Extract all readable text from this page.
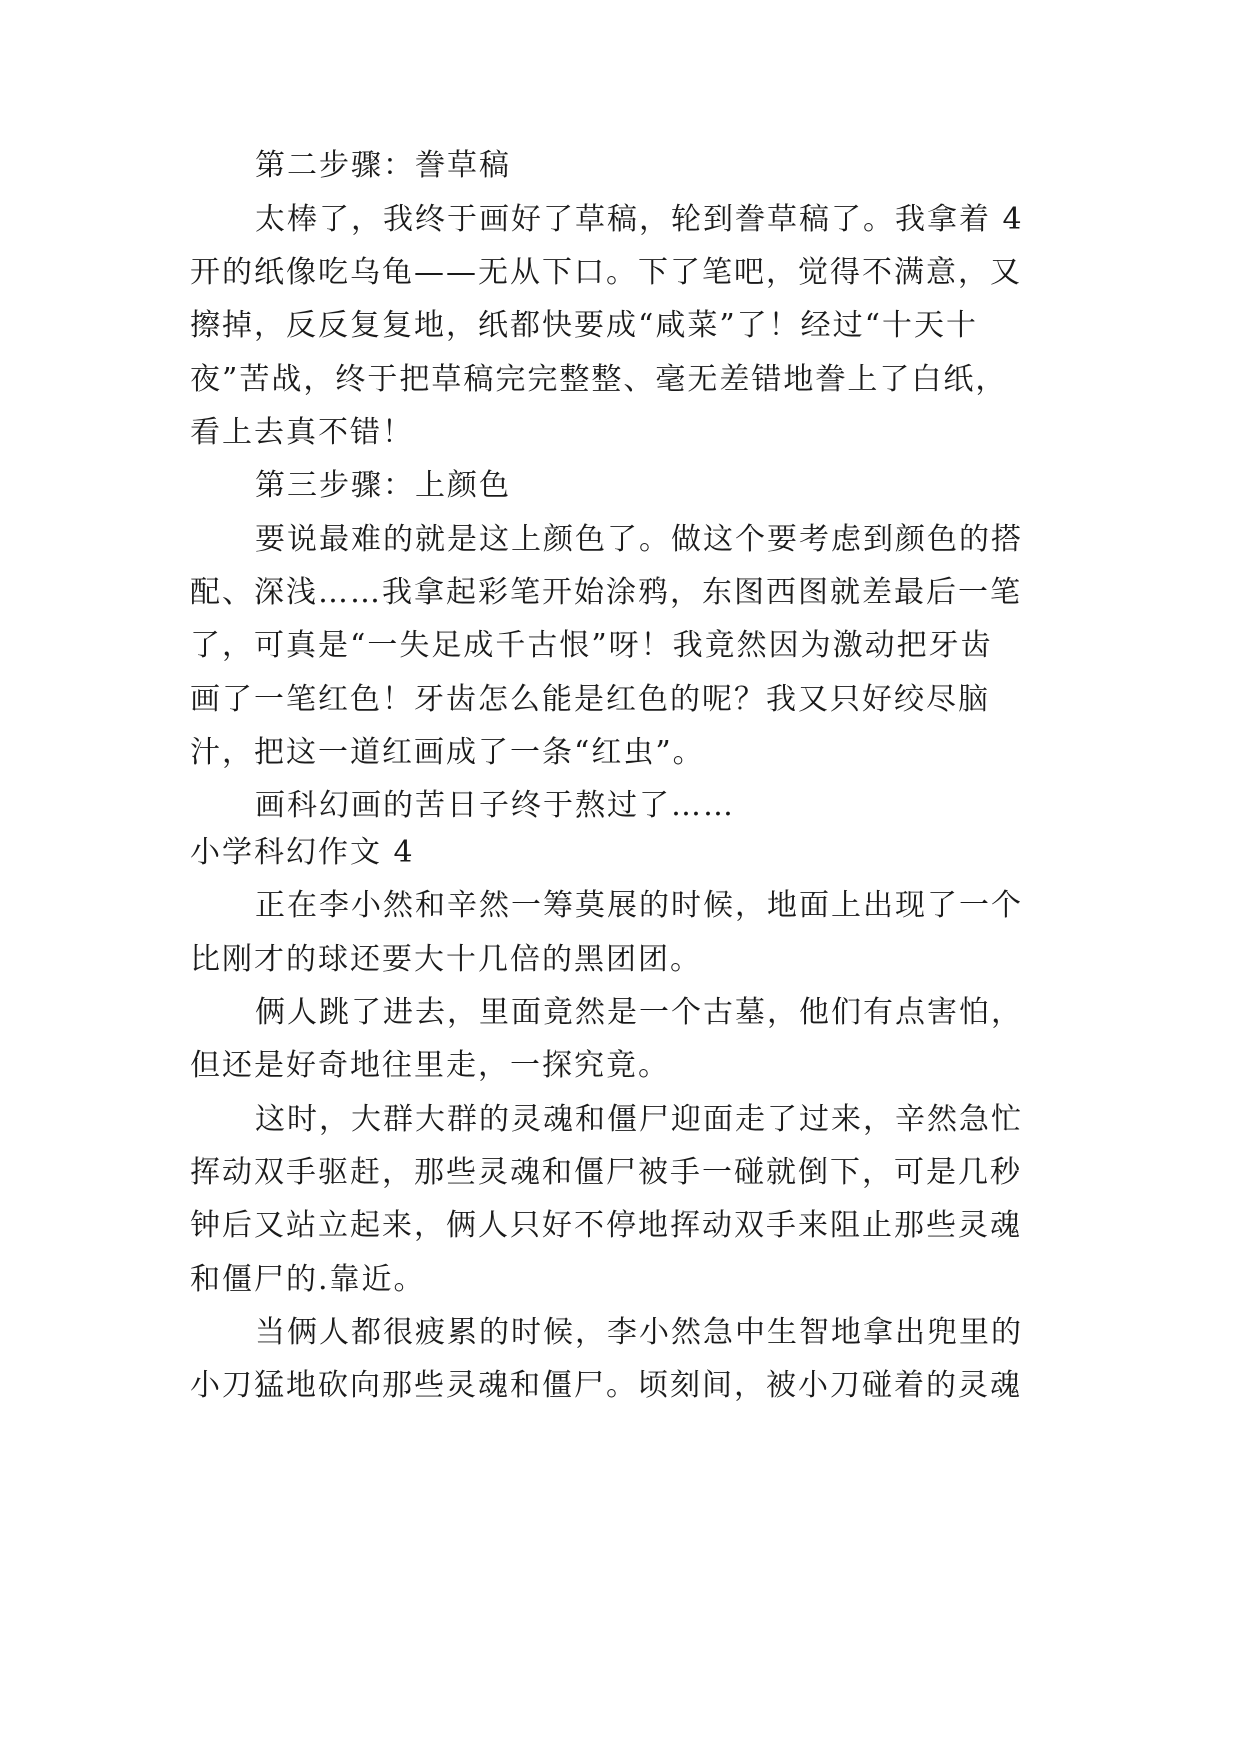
第二步骤：誊草稿
太棒了，我终于画好了草稿，轮到誊草稿了。我拿着 4
开的纸像吃乌龟——无从下口。下了笔吧，觉得不满意，又
擦掉，反反复复地，纸都快要成“咸菜”了！经过“十天十
夜”苦战，终于把草稿完完整整、毫无差错地誊上了白纸，
看上去真不错！
第三步骤：上颜色
要说最难的就是这上颜色了。做这个要考虑到颜色的搭
配、深浅……我拿起彩笔开始涂鸦，东图西图就差最后一笔
了，可真是“一失足成千古恨”呀！我竟然因为激动把牙齿
画了一笔红色！牙齿怎么能是红色的呢？我又只好绞尽脑
汁，把这一道红画成了一条“红虫”。
画科幻画的苦日子终于熬过了……
小学科幻作文 4
正在李小然和辛然一筹莫展的时候，地面上出现了一个
比刚才的球还要大十几倍的黑团团。
俩人跳了进去，里面竟然是一个古墓，他们有点害怕，
但还是好奇地往里走，一探究竟。
这时，大群大群的灵魂和僵尸迎面走了过来，辛然急忙
挥动双手驱赶，那些灵魂和僵尸被手一碰就倒下，可是几秒
钟后又站立起来，俩人只好不停地挥动双手来阻止那些灵魂
和僵尸的.靠近。
当俩人都很疲累的时候，李小然急中生智地拿出兜里的
小刀猛地砍向那些灵魂和僵尸。顷刻间，被小刀碰着的灵魂
